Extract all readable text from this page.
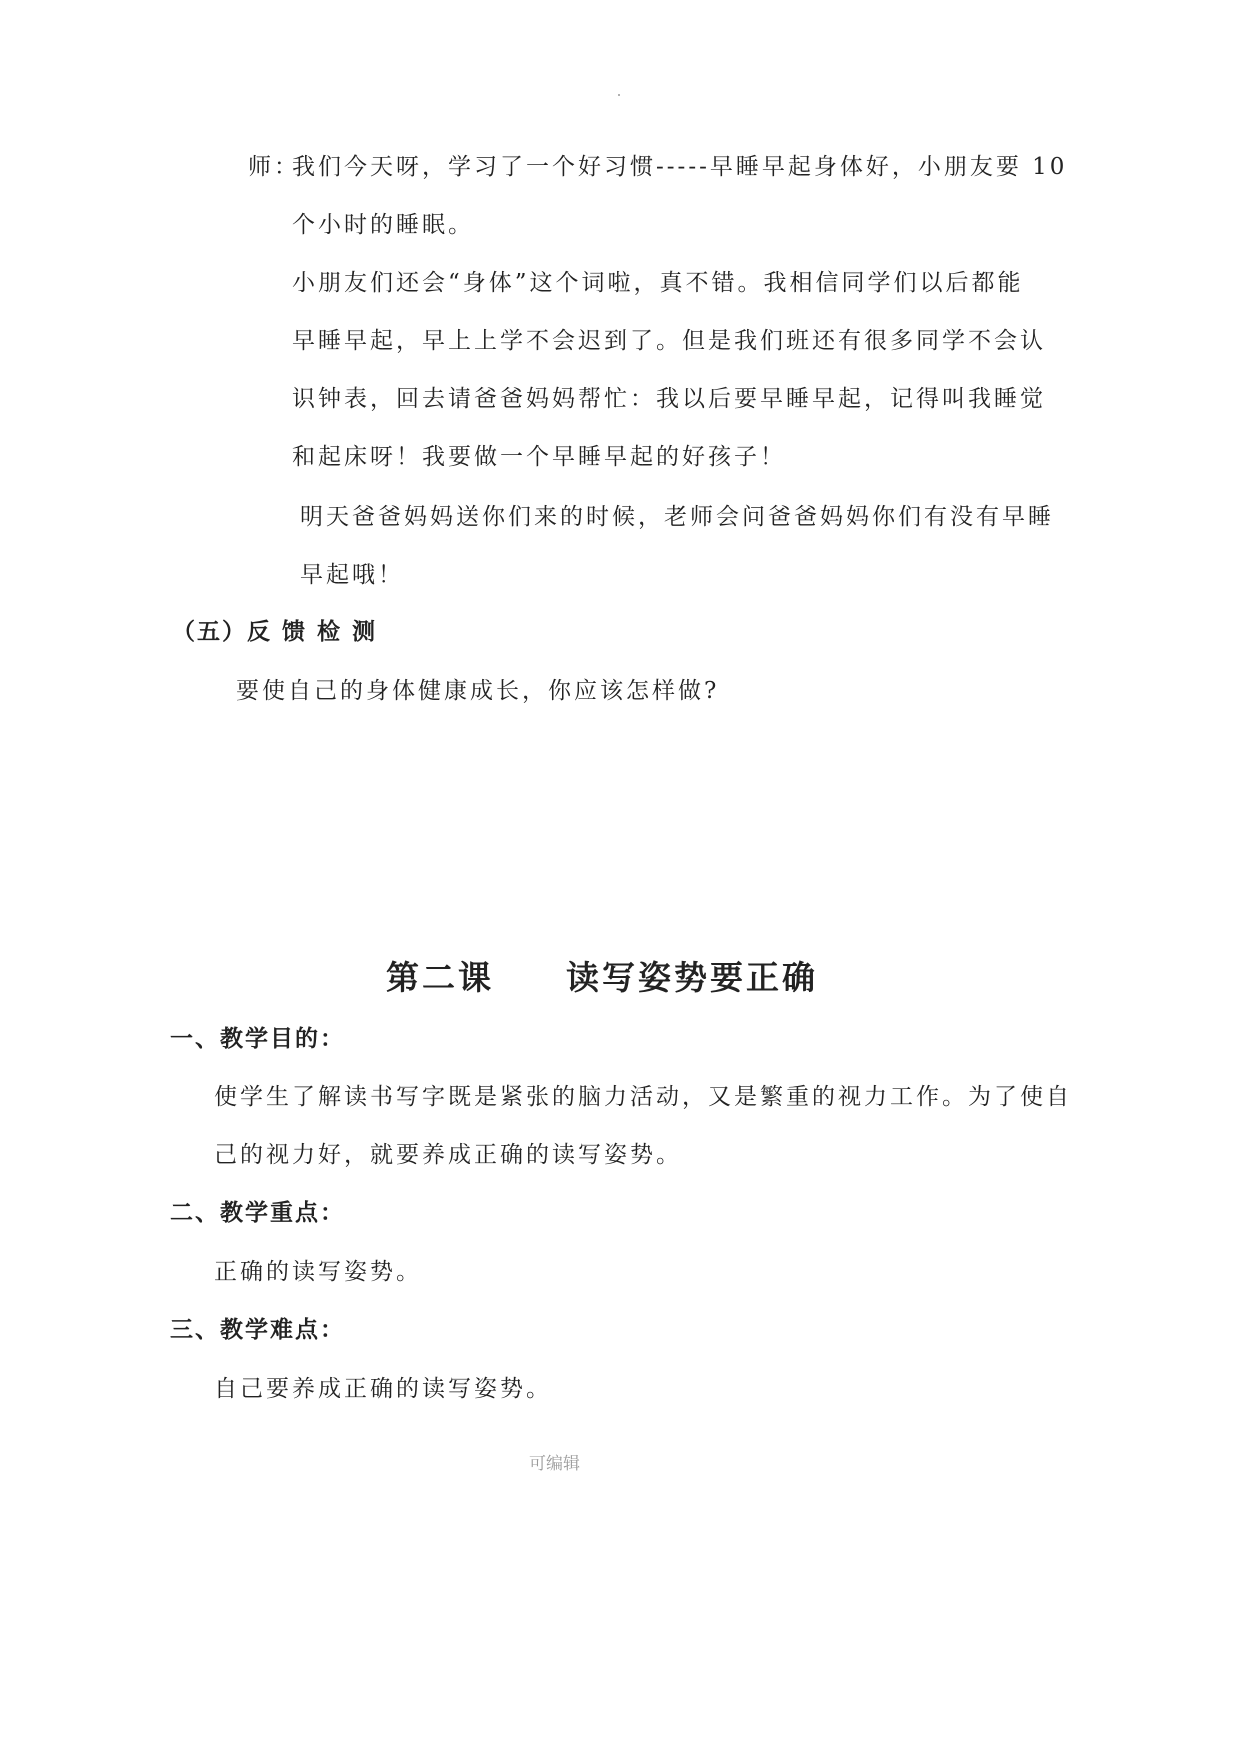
师：
我们今天呀，学习了一个好习惯-----早睡早起身体好，小朋友要 10
个小时的睡眠。
小朋友们还会“身体”这个词啦，真不错。我相信同学们以后都能
早睡早起，早上上学不会迟到了。但是我们班还有很多同学不会认
识钟表，回去请爸爸妈妈帮忙：我以后要早睡早起，记得叫我睡觉
和起床呀！我要做一个早睡早起的好孩子！
明天爸爸妈妈送你们来的时候，老师会问爸爸妈妈你们有没有早睡
早起哦！
（五）反 馈 检 测
要使自己的身体健康成长，你应该怎样做?
第二课　　读写姿势要正确
一、教学目的：
使学生了解读书写字既是紧张的脑力活动，又是繁重的视力工作。为了使自
己的视力好，就要养成正确的读写姿势。
二、教学重点：
正确的读写姿势。
三、教学难点：
自己要养成正确的读写姿势。
可编辑
